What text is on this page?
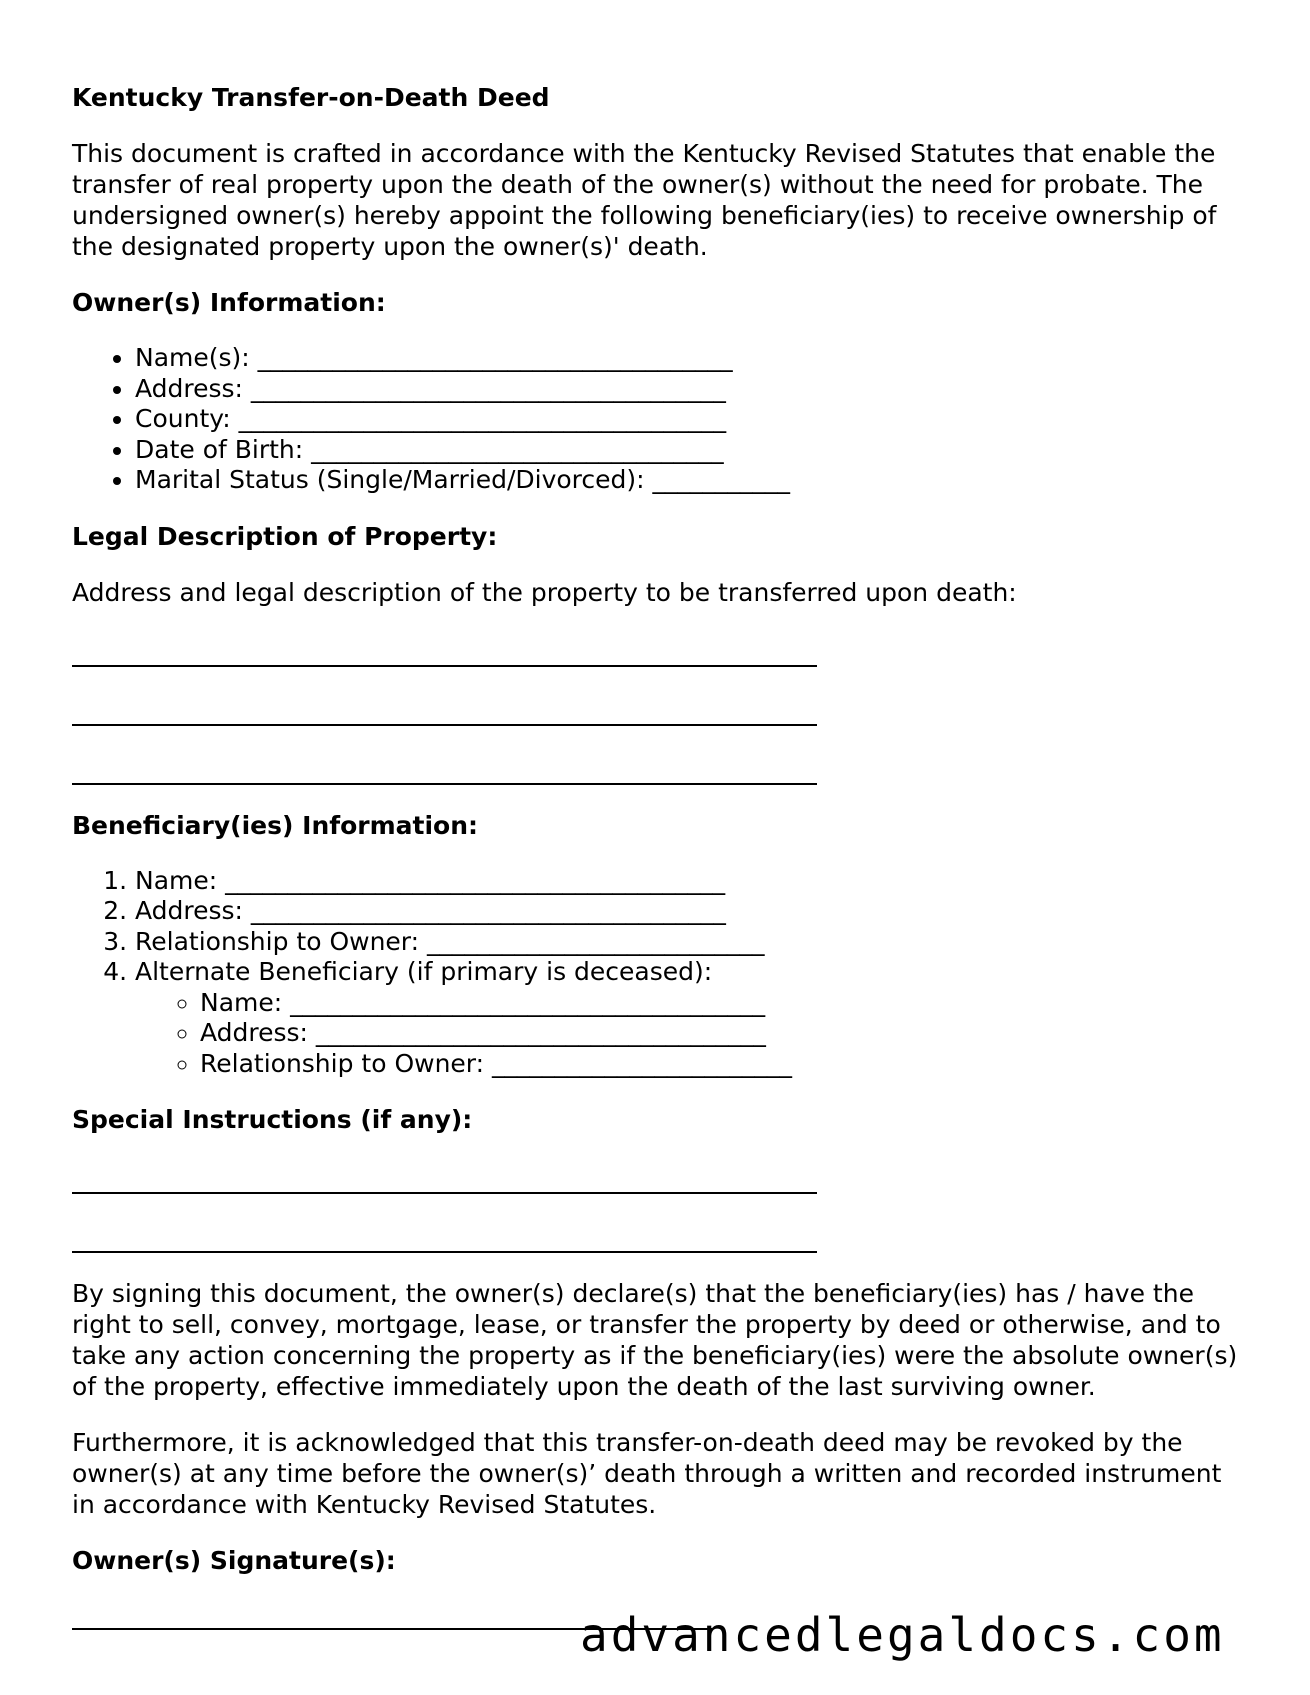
Kentucky Transfer-on-Death Deed

This document is crafted in accordance with the Kentucky Revised Statutes that enable the transfer of real property upon the death of the owner(s) without the need for probate. The undersigned owner(s) hereby appoint the following beneficiary(ies) to receive ownership of the designated property upon the owner(s)' death.

Owner(s) Information:
• Name(s): ______________________________________
• Address: ______________________________________
• County: _______________________________________
• Date of Birth: _________________________________
• Marital Status (Single/Married/Divorced): ___________
Legal Description of Property:

Address and legal description of the property to be transferred upon death:

Beneficiary(ies) Information:
1. Name: ________________________________________
2. Address: ______________________________________
3. Relationship to Owner: ___________________________
4. Alternate Beneficiary (if primary is deceased):
◦ Name: ______________________________________
◦ Address: ____________________________________
◦ Relationship to Owner: ________________________
Special Instructions (if any):

By signing this document, the owner(s) declare(s) that the beneficiary(ies) has / have the right to sell, convey, mortgage, lease, or transfer the property by deed or otherwise, and to take any action concerning the property as if the beneficiary(ies) were the absolute owner(s) of the property, effective immediately upon the death of the last surviving owner.

Furthermore, it is acknowledged that this transfer-on-death deed may be revoked by the owner(s) at any time before the owner(s)’ death through a written and recorded instrument in accordance with Kentucky Revised Statutes.

Owner(s) Signature(s):
advancedlegaldocs.com
